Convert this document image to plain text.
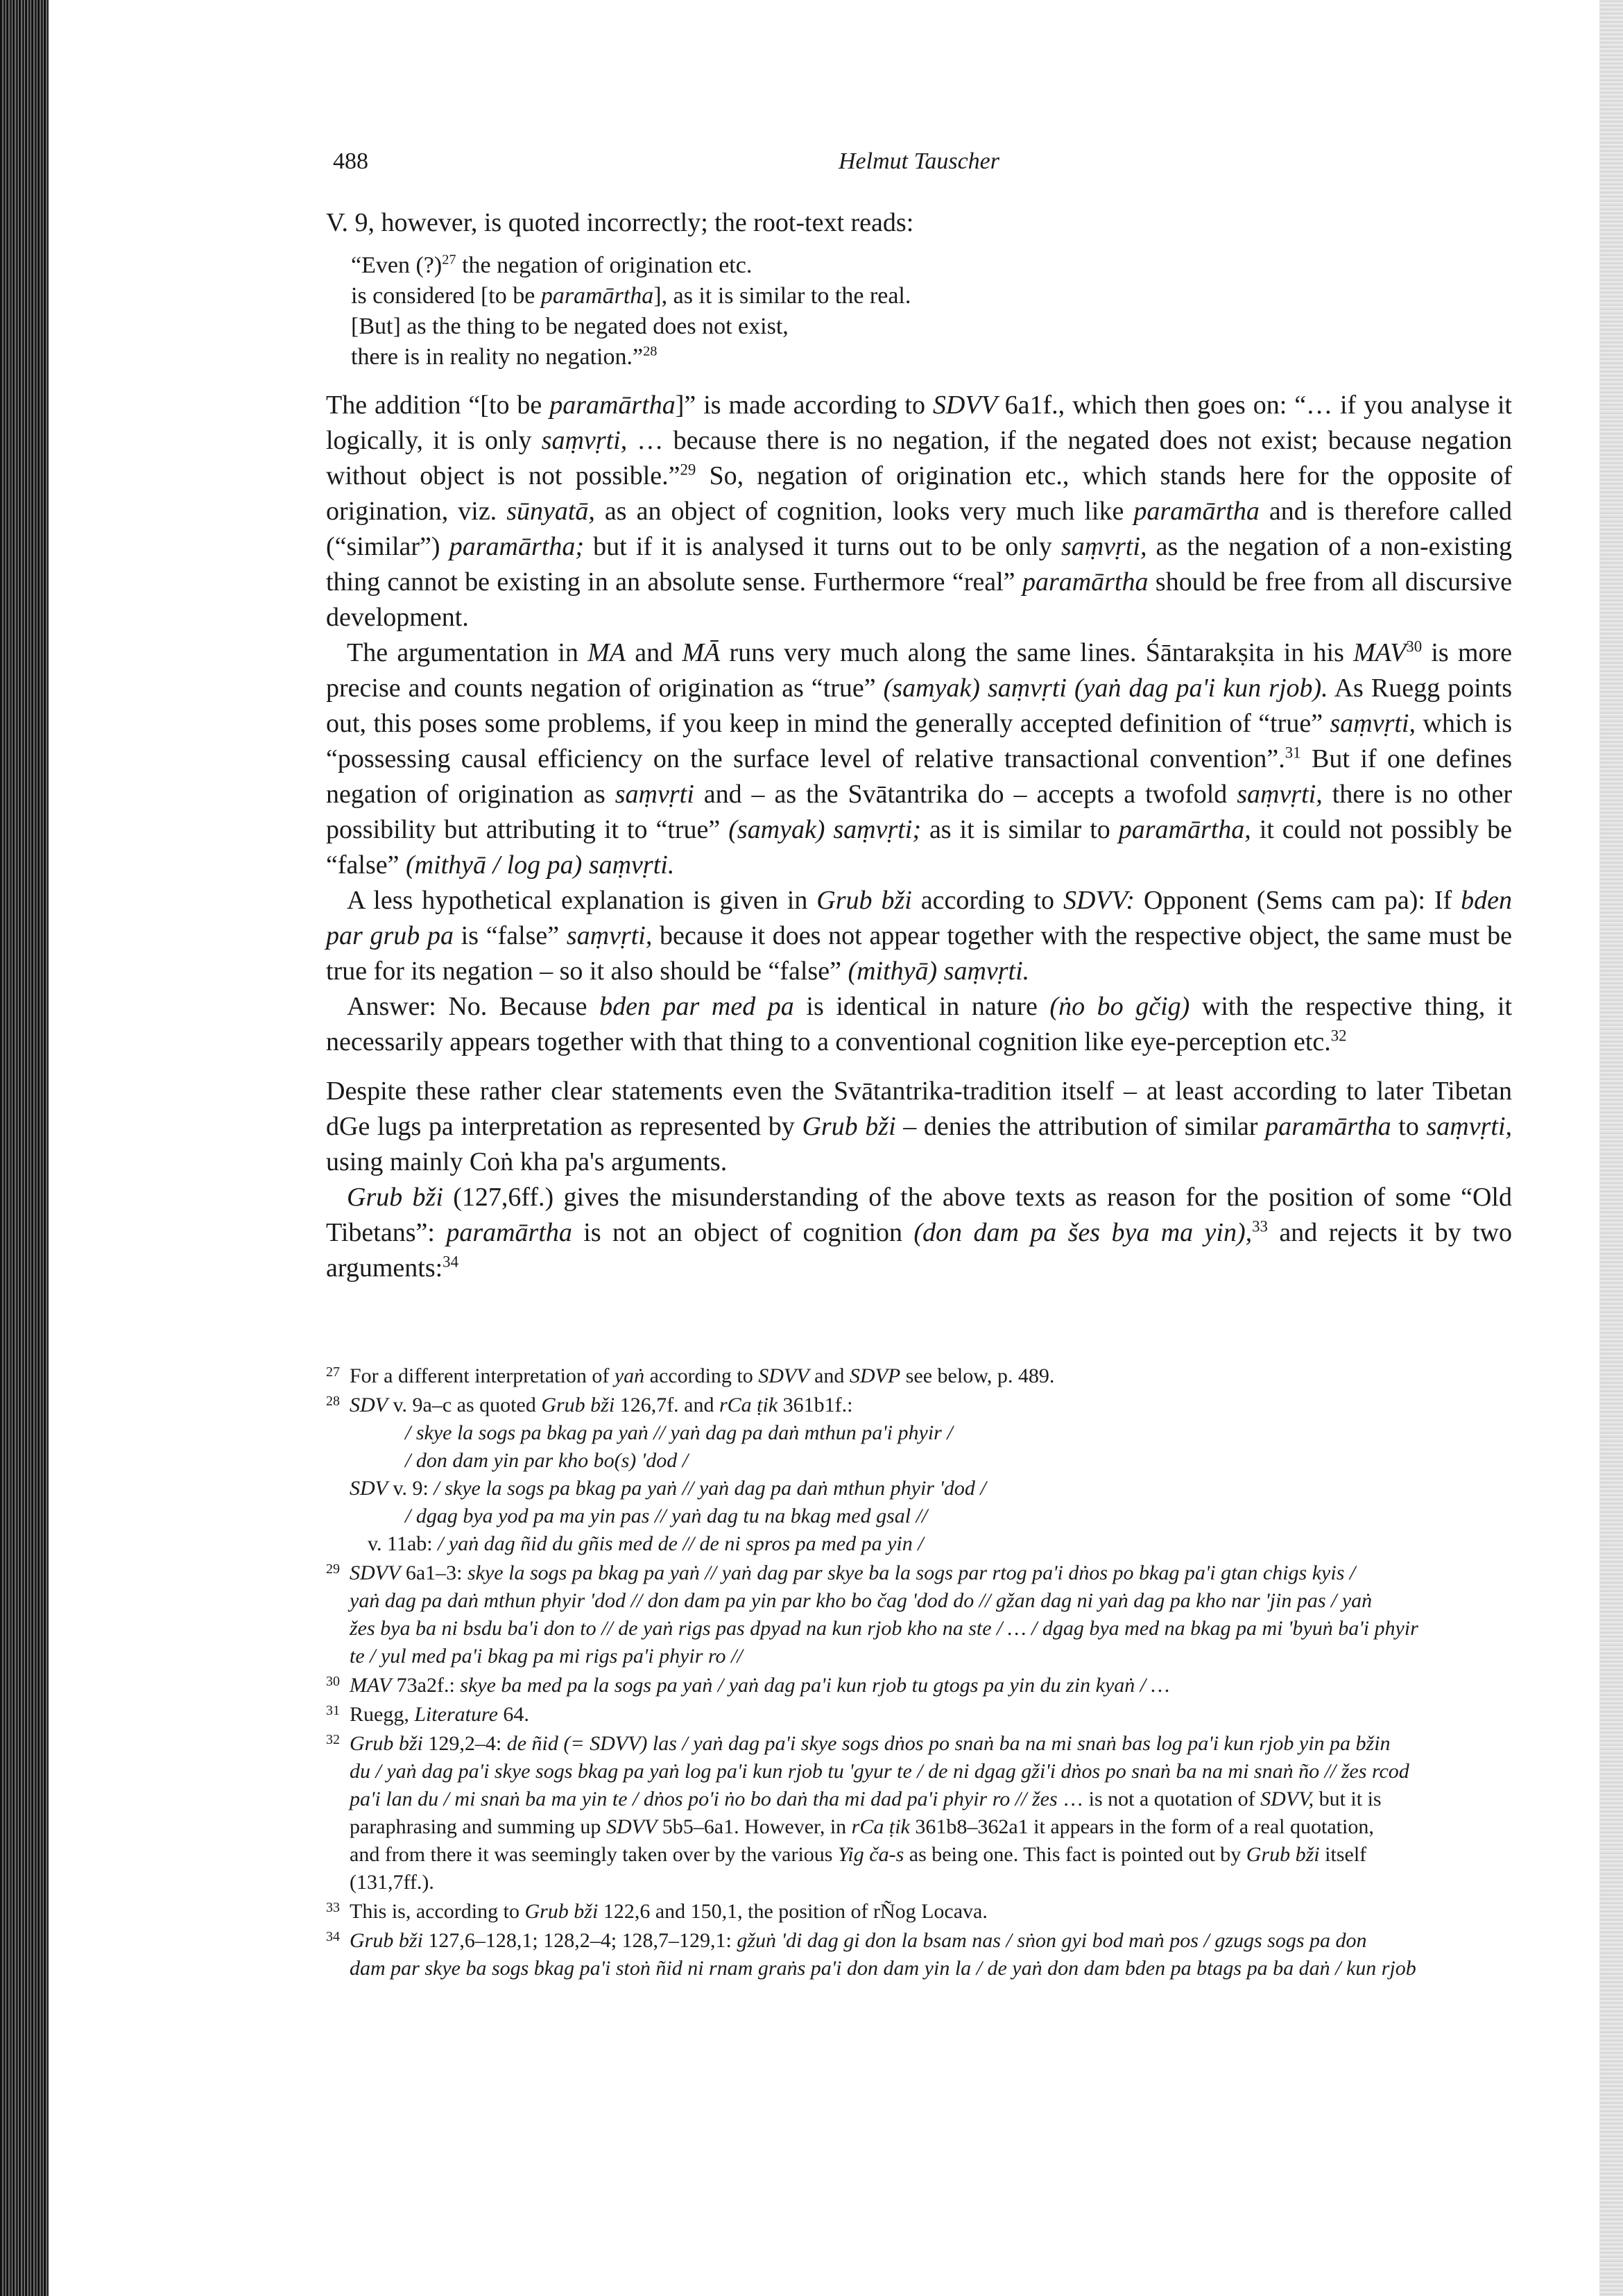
488	Helmut Tauscher

V. 9, however, is quoted incorrectly; the root-text reads:

“Even (?)$^{27}$ the negation of origination etc.
is considered [to be paramārtha], as it is similar to the real.
[But] as the thing to be negated does not exist,
there is in reality no negation.”$^{28}$

The addition “[to be paramārtha]” is made according to SDVV 6a1f., which then goes on: “… if you analyse it logically, it is only saṃvṛti, … because there is no negation, if the negated does not exist; because negation without object is not possible.”$^{29}$ So, negation of origination etc., which stands here for the opposite of origination, viz. sūnyatā, as an object of cognition, looks very much like paramārtha and is therefore called (“similar”) paramārtha; but if it is analysed it turns out to be only saṃvṛti, as the negation of a non-existing thing cannot be existing in an absolute sense. Furthermore “real” paramārtha should be free from all discursive development.

The argumentation in MA and MĀ runs very much along the same lines. Śāntarakṣita in his MAV$^{30}$ is more precise and counts negation of origination as “true” (samyak) saṃvṛti (yaṅ dag pa'i kun rjob). As Ruegg points out, this poses some problems, if you keep in mind the generally accepted definition of “true” saṃvṛti, which is “possessing causal efficiency on the surface level of relative transactional convention”.$^{31}$ But if one defines negation of origination as saṃvṛti and – as the Svātantrika do – accepts a twofold saṃvṛti, there is no other possibility but attributing it to “true” (samyak) saṃvṛti; as it is similar to paramārtha, it could not possibly be “false” (mithyā / log pa) saṃvṛti.

A less hypothetical explanation is given in Grub bži according to SDVV: Opponent (Sems cam pa): If bden par grub pa is “false” saṃvṛti, because it does not appear together with the respective object, the same must be true for its negation – so it also should be “false” (mithyā) saṃvṛti.

Answer: No. Because bden par med pa is identical in nature (ṅo bo gčig) with the respective thing, it necessarily appears together with that thing to a conventional cognition like eye-perception etc.$^{32}$

Despite these rather clear statements even the Svātantrika-tradition itself – at least according to later Tibetan dGe lugs pa interpretation as represented by Grub bži – denies the attribution of similar paramārtha to saṃvṛti, using mainly Coṅ kha pa's arguments.

Grub bži (127,6ff.) gives the misunderstanding of the above texts as reason for the position of some “Old Tibetans”: paramārtha is not an object of cognition (don dam pa šes bya ma yin),$^{33}$ and rejects it by two arguments:$^{34}$

27 For a different interpretation of yaṅ according to SDVV and SDVP see below, p. 489.
28 SDV v. 9a–c as quoted Grub bži 126,7f. and rCa ṭik 361b1f.:
/ skye la sogs pa bkag pa yaṅ // yaṅ dag pa daṅ mthun pa'i phyir /
/ don dam yin par kho bo(s) 'dod /
SDV v. 9: / skye la sogs pa bkag pa yaṅ // yaṅ dag pa daṅ mthun phyir 'dod /
/ dgag bya yod pa ma yin pas // yaṅ dag tu na bkag med gsal //
v. 11ab: / yaṅ dag ñid du gñis med de // de ni spros pa med pa yin /
29 SDVV 6a1–3: skye la sogs pa bkag pa yaṅ // yaṅ dag par skye ba la sogs par rtog pa'i dṅos po bkag pa'i gtan chigs kyis /
yaṅ dag pa daṅ mthun phyir 'dod // don dam pa yin par kho bo čag 'dod do // gžan dag ni yaṅ dag pa kho nar 'jin pas / yaṅ
žes bya ba ni bsdu ba'i don to // de yaṅ rigs pas dpyad na kun rjob kho na ste / … / dgag bya med na bkag pa mi 'byuṅ ba'i phyir
te / yul med pa'i bkag pa mi rigs pa'i phyir ro //
30 MAV 73a2f.: skye ba med pa la sogs pa yaṅ / yaṅ dag pa'i kun rjob tu gtogs pa yin du zin kyaṅ / …
31 Ruegg, Literature 64.
32 Grub bži 129,2–4: de ñid (= SDVV) las / yaṅ dag pa'i skye sogs dṅos po snaṅ ba na mi snaṅ bas log pa'i kun rjob yin pa bžin
du / yaṅ dag pa'i skye sogs bkag pa yaṅ log pa'i kun rjob tu 'gyur te / de ni dgag gži'i dṅos po snaṅ ba na mi snaṅ ño // žes rcod
pa'i lan du / mi snaṅ ba ma yin te / dṅos po'i ṅo bo daṅ tha mi dad pa'i phyir ro // žes … is not a quotation of SDVV, but it is
paraphrasing and summing up SDVV 5b5–6a1. However, in rCa ṭik 361b8–362a1 it appears in the form of a real quotation,
and from there it was seemingly taken over by the various Yig ča-s as being one. This fact is pointed out by Grub bži itself
(131,7ff.).
33 This is, according to Grub bži 122,6 and 150,1, the position of rÑog Locava.
34 Grub bži 127,6–128,1; 128,2–4; 128,7–129,1: gžuṅ 'di dag gi don la bsam nas / sṅon gyi bod maṅ pos / gzugs sogs pa don
dam par skye ba sogs bkag pa'i stoṅ ñid ni rnam graṅs pa'i don dam yin la / de yaṅ don dam bden pa btags pa ba daṅ / kun rjob
